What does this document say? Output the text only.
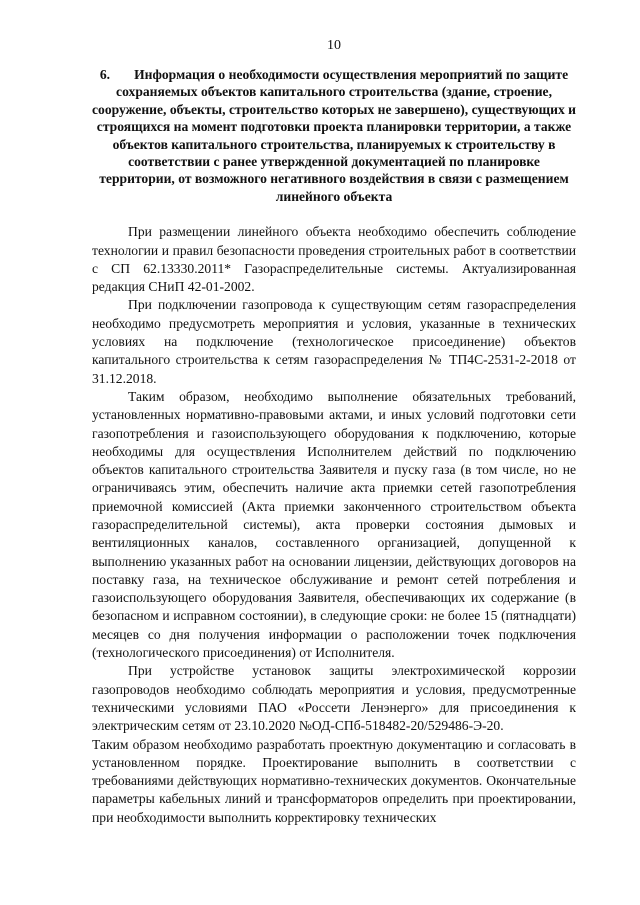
10
6. Информация о необходимости осуществления мероприятий по защите сохраняемых объектов капитального строительства (здание, строение, сооружение, объекты, строительство которых не завершено), существующих и строящихся на момент подготовки проекта планировки территории, а также объектов капитального строительства, планируемых к строительству в соответствии с ранее утвержденной документацией по планировке территории, от возможного негативного воздействия в связи с размещением линейного объекта

При размещении линейного объекта необходимо обеспечить соблюдение технологии и правил безопасности проведения строительных работ в соответствии с СП 62.13330.2011* Газораспределительные системы. Актуализированная редакция СНиП 42-01-2002.

При подключении газопровода к существующим сетям газораспределения необходимо предусмотреть мероприятия и условия, указанные в технических условиях на подключение (технологическое присоединение) объектов капитального строительства к сетям газораспределения № ТП4С-2531-2-2018 от 31.12.2018.

Таким образом, необходимо выполнение обязательных требований, установленных нормативно-правовыми актами, и иных условий подготовки сети газопотребления и газоиспользующего оборудования к подключению, которые необходимы для осуществления Исполнителем действий по подключению объектов капитального строительства Заявителя и пуску газа (в том числе, но не ограничиваясь этим, обеспечить наличие акта приемки сетей газопотребления приемочной комиссией (Акта приемки законченного строительством объекта газораспределительной системы), акта проверки состояния дымовых и вентиляционных каналов, составленного организацией, допущенной к выполнению указанных работ на основании лицензии, действующих договоров на поставку газа, на техническое обслуживание и ремонт сетей потребления и газоиспользующего оборудования Заявителя, обеспечивающих их содержание (в безопасном и исправном состоянии), в следующие сроки: не более 15 (пятнадцати) месяцев со дня получения информации о расположении точек подключения (технологического присоединения) от Исполнителя.

При устройстве установок защиты электрохимической коррозии газопроводов необходимо соблюдать мероприятия и условия, предусмотренные техническими условиями ПАО «Россети Ленэнерго» для присоединения к электрическим сетям от 23.10.2020 №ОД-СПб-518482-20/529486-Э-20.

Таким образом необходимо разработать проектную документацию и согласовать в установленном порядке. Проектирование выполнить в соответствии с требованиями действующих нормативно-технических документов. Окончательные параметры кабельных линий и трансформаторов определить при проектировании, при необходимости выполнить корректировку технических
